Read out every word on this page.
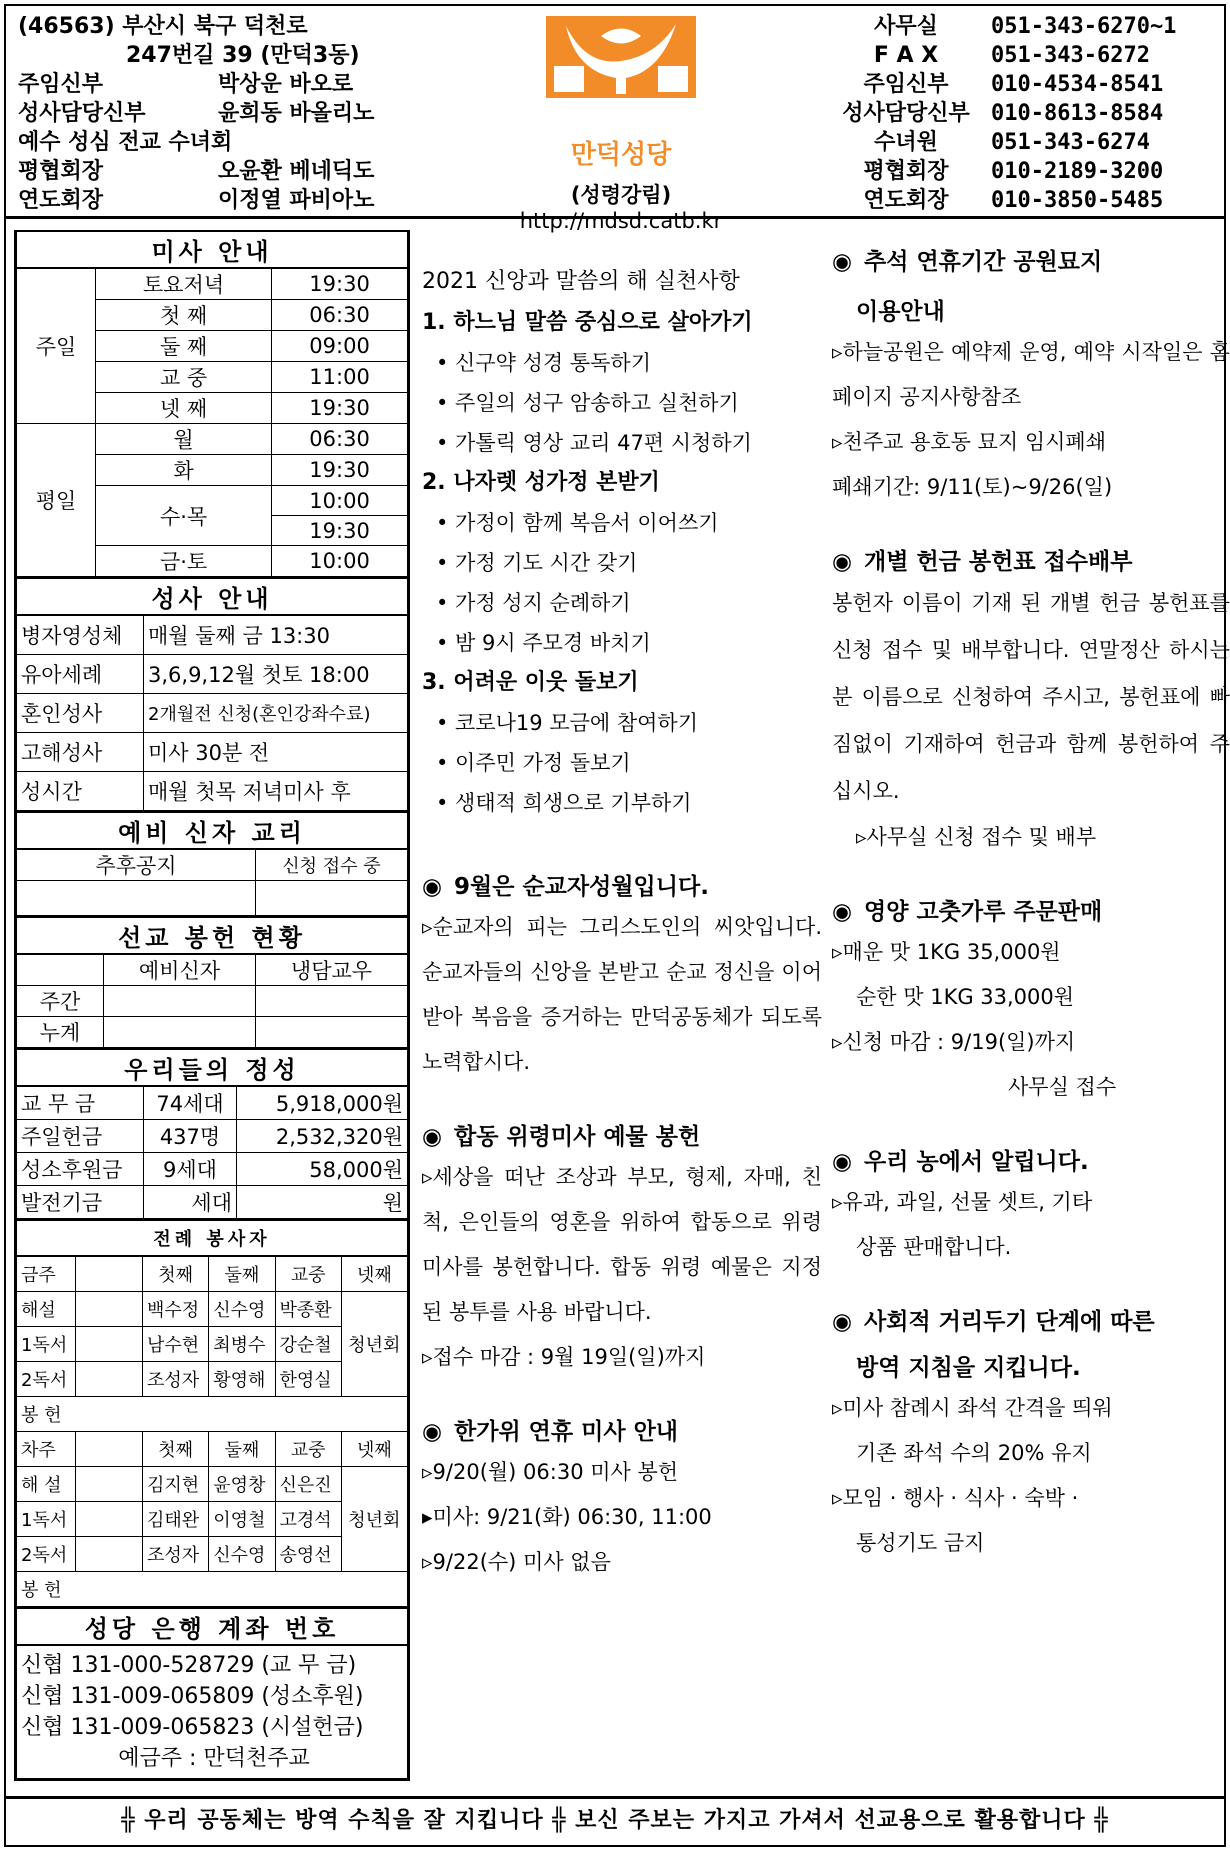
(46563) 부산시 북구 덕천로
247번길 39 (만덕3동)
주임신부	박상운 바오로
성사담당신부	윤희동 바올리노
예수 성심 전교 수녀회
평협회장	오윤환 베네딕도
연도회장	이정열 파비아노
만덕성당
(성령강림)
http://mdsd.catb.kr
사무실	051-343-6270~1
F A X	051-343-6272
주임신부	010-4534-8541
성사담당신부 010-8613-8584
수녀원	051-343-6274
평협회장	010-2189-3200
연도회장	010-3850-5485
미사 안내		
주일	토요저녁	19:30
	첫 째	06:30
	둘 째	09:00
	교 중	11:00
	넷 째	19:30
평일	월	06:30
	화	19:30
	수·목	10:00
		19:30
	금·토	10:00
성사 안내	
병자영성체	매월 둘째 금 13:30
유아세례	3,6,9,12월 첫토 18:00
혼인성사	2개월전 신청(혼인강좌수료)
고해성사	미사 30분 전
성시간	매월 첫목 저녁미사 후
예비 신자 교리	
추후공지	신청 접수 중

선교 봉헌 현황		
	예비신자	냉담교우
주간		
누계		
우리들의 정성		
교 무 금	74세대	5,918,000원
주일헌금	437명	2,532,320원
성소후원금	9세대	58,000원
발전기금	세대	원
전례 봉사자					
금주		첫째	둘째	교중	넷째
해설		백수정	신수영	박종환	청년회
1독서		남수현	최병수	강순철	
2독서		조성자	황영해	한영실	
봉 헌					
차주		첫째	둘째	교중	넷째
해 설		김지현	윤영창	신은진	청년회
1독서		김태완	이영철	고경석	
2독서		조성자	신수영	송영선	
봉 헌					
성당 은행 계좌 번호

신협 131-000-528729 (교 무 금)
신협 131-009-065809 (성소후원)
신협 131-009-065823 (시설헌금)
예금주 : 만덕천주교
2021 신앙과 말씀의 해 실천사항
1. 하느님 말씀 중심으로 살아가기
• 신구약 성경 통독하기
• 주일의 성구 암송하고 실천하기
• 가톨릭 영상 교리 47편 시청하기
2. 나자렛 성가정 본받기
• 가정이 함께 복음서 이어쓰기
• 가정 기도 시간 갖기
• 가정 성지 순례하기
• 밤 9시 주모경 바치기
3. 어려운 이웃 돌보기
• 코로나19 모금에 참여하기
• 이주민 가정 돌보기
• 생태적 희생으로 기부하기
◉ 9월은 순교자성월입니다.
▹순교자의 피는 그리스도인의 씨앗입니다. 순교자들의 신앙을 본받고 순교 정신을 이어받아 복음을 증거하는 만덕공동체가 되도록 노력합시다.
◉ 합동 위령미사 예물 봉헌
▹세상을 떠난 조상과 부모, 형제, 자매, 친척, 은인들의 영혼을 위하여 합동으로 위령미사를 봉헌합니다. 합동 위령 예물은 지정된 봉투를 사용 바랍니다.
▹접수 마감 : 9월 19일(일)까지
◉ 한가위 연휴 미사 안내
▹9/20(월) 06:30 미사 봉헌
▸미사: 9/21(화) 06:30, 11:00
▹9/22(수) 미사 없음
◉ 추석 연휴기간 공원묘지
이용안내
▹하늘공원은 예약제 운영, 예약 시작일은 홈페이지 공지사항참조
▹천주교 용호동 묘지 임시폐쇄
폐쇄기간: 9/11(토)~9/26(일)
◉ 개별 헌금 봉헌표 접수배부
봉헌자 이름이 기재 된 개별 헌금 봉헌표를 신청 접수 및 배부합니다. 연말정산 하시는 분 이름으로 신청하여 주시고, 봉헌표에 빠짐없이 기재하여 헌금과 함께 봉헌하여 주십시오.
▹사무실 신청 접수 및 배부
◉ 영양 고춧가루 주문판매
▹매운 맛 1KG 35,000원
순한 맛 1KG 33,000원
▹신청 마감 : 9/19(일)까지
사무실 접수
◉ 우리 농에서 알립니다.
▹유과, 과일, 선물 셋트, 기타
상품 판매합니다.
◉ 사회적 거리두기 단계에 따른
방역 지침을 지킵니다.
▹미사 참례시 좌석 간격을 띄워
기존 좌석 수의 20% 유지
▹모임 · 행사 · 식사 · 숙박 ·
통성기도 금지
╬ 우리 공동체는 방역 수칙을 잘 지킵니다 ╬ 보신 주보는 가지고 가셔서 선교용으로 활용합니다 ╬
